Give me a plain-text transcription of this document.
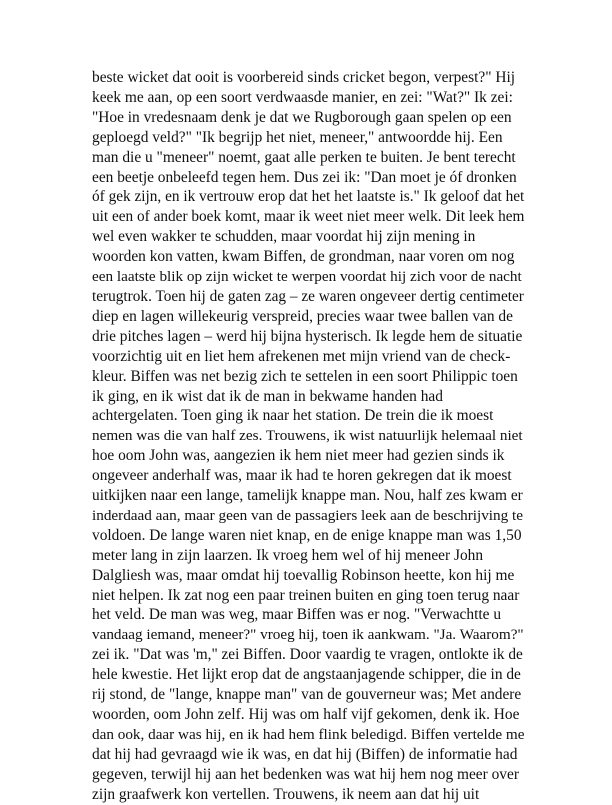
beste wicket dat ooit is voorbereid sinds cricket begon, verpest?" Hij
keek me aan, op een soort verdwaasde manier, en zei: "Wat?" Ik zei:
"Hoe in vredesnaam denk je dat we Rugborough gaan spelen op een
geploegd veld?" "Ik begrijp het niet, meneer," antwoordde hij. Een
man die u "meneer" noemt, gaat alle perken te buiten. Je bent terecht
een beetje onbeleefd tegen hem. Dus zei ik: "Dan moet je óf dronken
óf gek zijn, en ik vertrouw erop dat het het laatste is." Ik geloof dat het
uit een of ander boek komt, maar ik weet niet meer welk. Dit leek hem
wel even wakker te schudden, maar voordat hij zijn mening in
woorden kon vatten, kwam Biffen, de grondman, naar voren om nog
een laatste blik op zijn wicket te werpen voordat hij zich voor de nacht
terugtrok. Toen hij de gaten zag – ze waren ongeveer dertig centimeter
diep en lagen willekeurig verspreid, precies waar twee ballen van de
drie pitches lagen – werd hij bijna hysterisch. Ik legde hem de situatie
voorzichtig uit en liet hem afrekenen met mijn vriend van de check-
kleur. Biffen was net bezig zich te settelen in een soort Philippic toen
ik ging, en ik wist dat ik de man in bekwame handen had
achtergelaten. Toen ging ik naar het station. De trein die ik moest
nemen was die van half zes. Trouwens, ik wist natuurlijk helemaal niet
hoe oom John was, aangezien ik hem niet meer had gezien sinds ik
ongeveer anderhalf was, maar ik had te horen gekregen dat ik moest
uitkijken naar een lange, tamelijk knappe man. Nou, half zes kwam er
inderdaad aan, maar geen van de passagiers leek aan de beschrijving te
voldoen. De lange waren niet knap, en de enige knappe man was 1,50
meter lang in zijn laarzen. Ik vroeg hem wel of hij meneer John
Dalgliesh was, maar omdat hij toevallig Robinson heette, kon hij me
niet helpen. Ik zat nog een paar treinen buiten en ging toen terug naar
het veld. De man was weg, maar Biffen was er nog. "Verwachtte u
vandaag iemand, meneer?" vroeg hij, toen ik aankwam. "Ja. Waarom?"
zei ik. "Dat was 'm," zei Biffen. Door vaardig te vragen, ontlokte ik de
hele kwestie. Het lijkt erop dat de angstaanjagende schipper, die in de
rij stond, de "lange, knappe man" van de gouverneur was; Met andere
woorden, oom John zelf. Hij was om half vijf gekomen, denk ik. Hoe
dan ook, daar was hij, en ik had hem flink beledigd. Biffen vertelde me
dat hij had gevraagd wie ik was, en dat hij (Biffen) de informatie had
gegeven, terwijl hij aan het bedenken was wat hij hem nog meer over
zijn graafwerk kon vertellen. Trouwens, ik neem aan dat hij uit
